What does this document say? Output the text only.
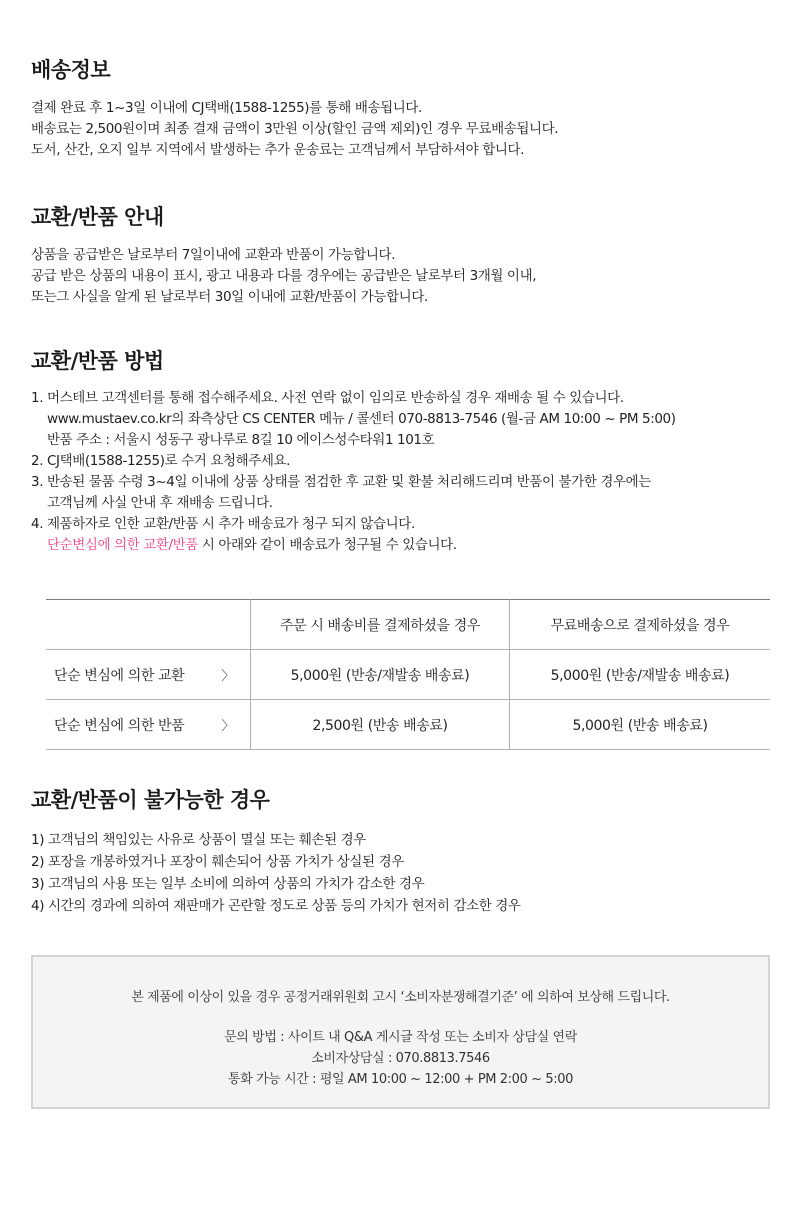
배송정보
결제 완료 후 1~3일 이내에 CJ택배(1588-1255)를 통해 배송됩니다.
배송료는 2,500원이며 최종 결재 금액이 3만원 이상(할인 금액 제외)인 경우 무료배송됩니다.
도서, 산간, 오지 일부 지역에서 발생하는 추가 운송료는 고객님께서 부담하셔야 합니다.
교환/반품 안내
상품을 공급받은 날로부터 7일이내에 교환과 반품이 가능합니다.
공급 받은 상품의 내용이 표시, 광고 내용과 다를 경우에는 공급받은 날로부터 3개월 이내,
또는그 사실을 알게 된 날로부터 30일 이내에 교환/반품이 가능합니다.
교환/반품 방법
1. 머스테브 고객센터를 통해 접수해주세요. 사전 연락 없이 임의로 반송하실 경우 재배송 될 수 있습니다.
www.mustaev.co.kr의 좌측상단 CS CENTER 메뉴 / 콜센터 070-8813-7546 (월-금 AM 10:00 ~ PM 5:00)
반품 주소 : 서울시 성동구 광나루로 8길 10 에이스성수타워1 101호
2. CJ택배(1588-1255)로 수거 요청해주세요.
3. 반송된 물품 수령 3~4일 이내에 상품 상태를 점검한 후 교환 및 환불 처리해드리며 반품이 불가한 경우에는
고객님께 사실 안내 후 재배송 드립니다.
4. 제품하자로 인한 교환/반품 시 추가 배송료가 청구 되지 않습니다.
단순변심에 의한 교환/반품 시 아래와 같이 배송료가 청구될 수 있습니다.
	주문 시 배송비를 결제하셨을 경우	무료배송으로 결제하셨을 경우
단순 변심에 의한 교환 〉	5,000원 (반송/재발송 배송료)	5,000원 (반송/재발송 배송료)
단순 변심에 의한 반품 〉	2,500원 (반송 배송료)	5,000원 (반송 배송료)
교환/반품이 불가능한 경우
1) 고객님의 책임있는 사유로 상품이 멸실 또는 훼손된 경우
2) 포장을 개봉하였거나 포장이 훼손되어 상품 가치가 상실된 경우
3) 고객님의 사용 또는 일부 소비에 의하여 상품의 가치가 감소한 경우
4) 시간의 경과에 의하여 재판매가 곤란할 정도로 상품 등의 가치가 현저히 감소한 경우
본 제품에 이상이 있을 경우 공정거래위원회 고시 ‘소비자분쟁해결기준’ 에 의하여 보상해 드립니다.
문의 방법 : 사이트 내 Q&A 게시글 작성 또는 소비자 상담실 연락
소비자상담실 : 070.8813.7546
통화 가능 시간 : 평일 AM 10:00 ~ 12:00 + PM 2:00 ~ 5:00
